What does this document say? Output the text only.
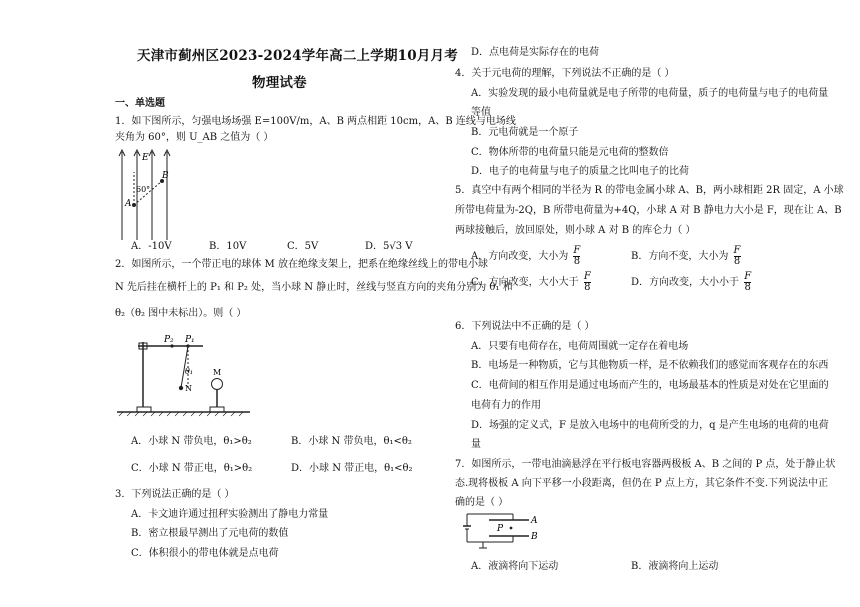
天津市蓟州区2023-2024学年高二上学期10月月考
物理试卷
一、单选题
1．如下图所示，匀强电场场强 E=100V/m，A、B 两点相距 10cm，A、B 连线与电场线
夹角为 60°，则 U_AB 之值为（ ）
E
A
B
60°
A．-10V	B．10V	C．5V	D．5√3 V
2．如图所示，一个带正电的球体 M 放在绝缘支架上，把系在绝缘丝线上的带电小球
N 先后挂在横杆上的 P₁ 和 P₂ 处，当小球 N 静止时，丝线与竖直方向的夹角分别为 θ₁ 和
θ₂（θ₂ 图中未标出）。则（ ）
P₂ P₁
θ₁
N
M
A．小球 N 带负电，θ₁>θ₂	B．小球 N 带负电，θ₁<θ₂
C．小球 N 带正电，θ₁>θ₂	D．小球 N 带正电，θ₁<θ₂
3．下列说法正确的是（ ）
A．卡文迪许通过扭秤实验测出了静电力常量
B．密立根最早测出了元电荷的数值
C．体积很小的带电体就是点电荷
D．点电荷是实际存在的电荷
4．关于元电荷的理解，下列说法不正确的是（ ）
A．实验发现的最小电荷量就是电子所带的电荷量，质子的电荷量与电子的电荷量
等值
B．元电荷就是一个原子
C．物体所带的电荷量只能是元电荷的整数倍
D．电子的电荷量与电子的质量之比叫电子的比荷
5．真空中有两个相同的半径为 R 的带电金属小球 A、B，两小球相距 2R 固定，A 小球
所带电荷量为-2Q，B 所带电荷量为+4Q，小球 A 对 B 静电力大小是 F，现在让 A、B
两球接触后，放回原处，则小球 A 对 B 的库仑力（ ）
A．方向改变，大小为 $\frac{F}{8}$	B．方向不变，大小为 $\frac{F}{8}$
C．方向改变，大小大于 $\frac{F}{8}$	D．方向改变，大小小于 $\frac{F}{8}$
6．下列说法中不正确的是（ ）
A．只要有电荷存在，电荷周围就一定存在着电场
B．电场是一种物质，它与其他物质一样，是不依赖我们的感觉而客观存在的东西
C．电荷间的相互作用是通过电场而产生的，电场最基本的性质是对处在它里面的
电荷有力的作用
D．场强的定义式，F 是放入电场中的电荷所受的力，q 是产生电场的电荷的电荷
量
7．如图所示，一带电油滴悬浮在平行板电容器两极板 A、B 之间的 P 点，处于静止状
态.现将极板 A 向下平移一小段距离，但仍在 P 点上方，其它条件不变.下列说法中正
确的是（ ）
A
B
P
A．液滴将向下运动	B．液滴将向上运动
